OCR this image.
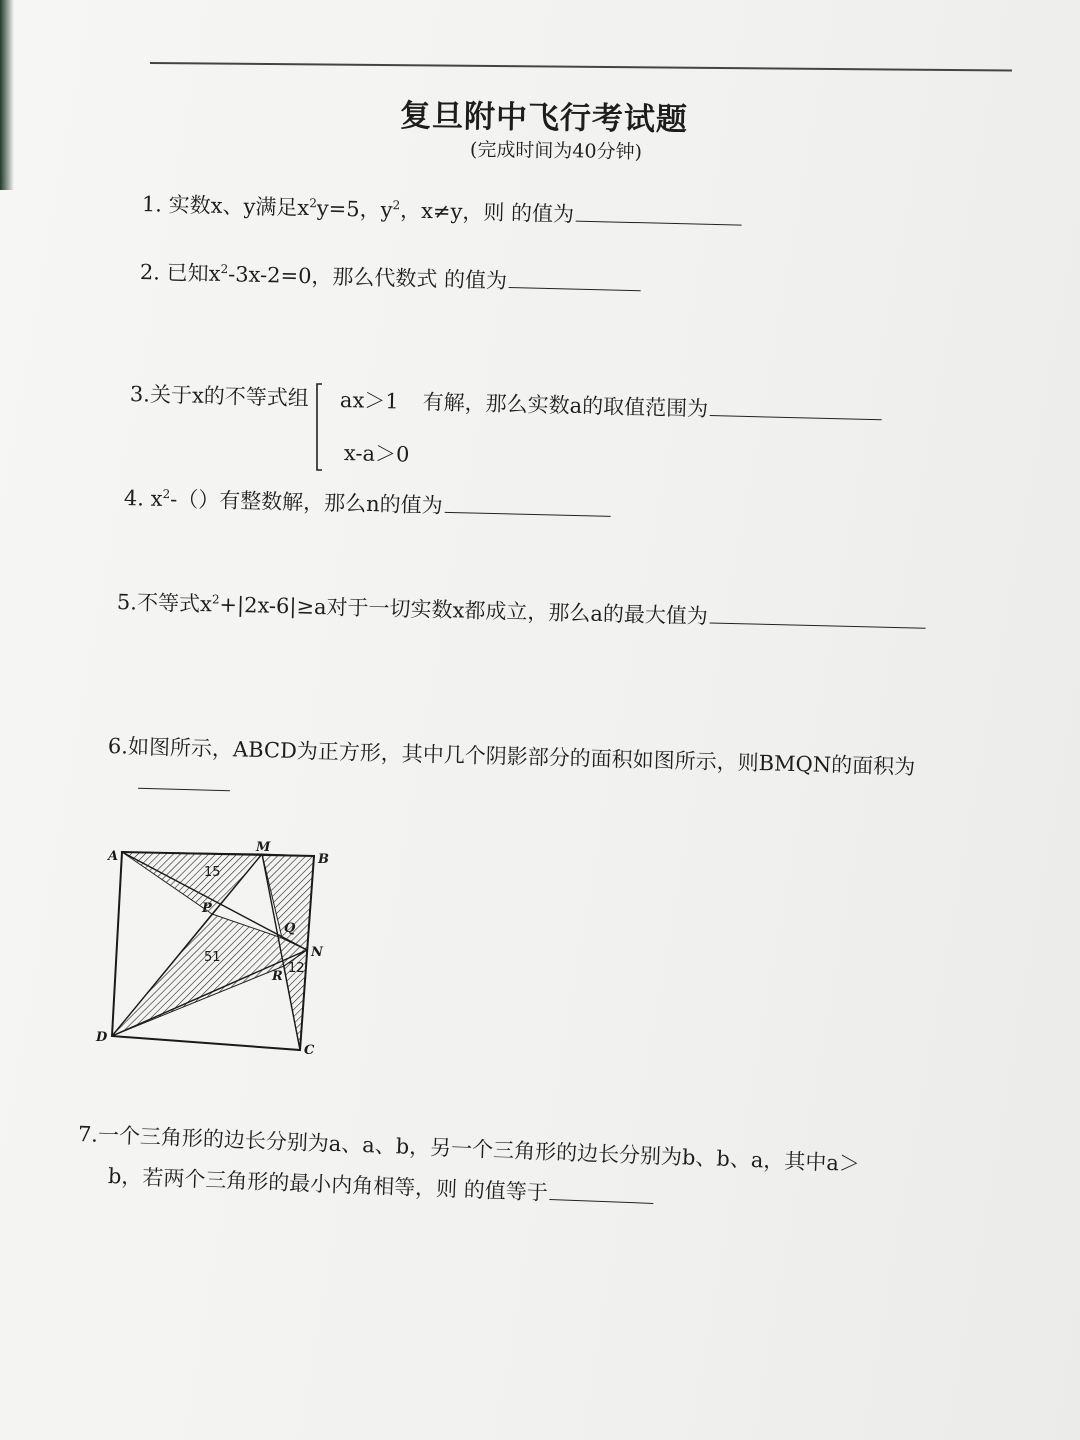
复旦附中飞行考试题
(完成时间为40分钟)
1. 实数x、y满足$x^2y=5$，$y^2$，x≠y，则 的值为
2. 已知$x^2-3x-2=0$，那么代数式 的值为
3.关于x的不等式组 ax＞1 有解，那么实数a的取值范围为
x-a＞0
4. $x^2-()$有整数解，那么n的值为
5.不等式$x^2+|2x-6|\ge a$对于一切实数x都成立，那么a的最大值为
6.如图所示，ABCD为正方形，其中几个阴影部分的面积如图所示，则BMQN的面积为
A	B
C
D
M
N
P
Q
R
15
51
12
7.一个三角形的边长分别为a、a、b，另一个三角形的边长分别为b、b、a，其中a＞
b，若两个三角形的最小内角相等，则 的值等于
